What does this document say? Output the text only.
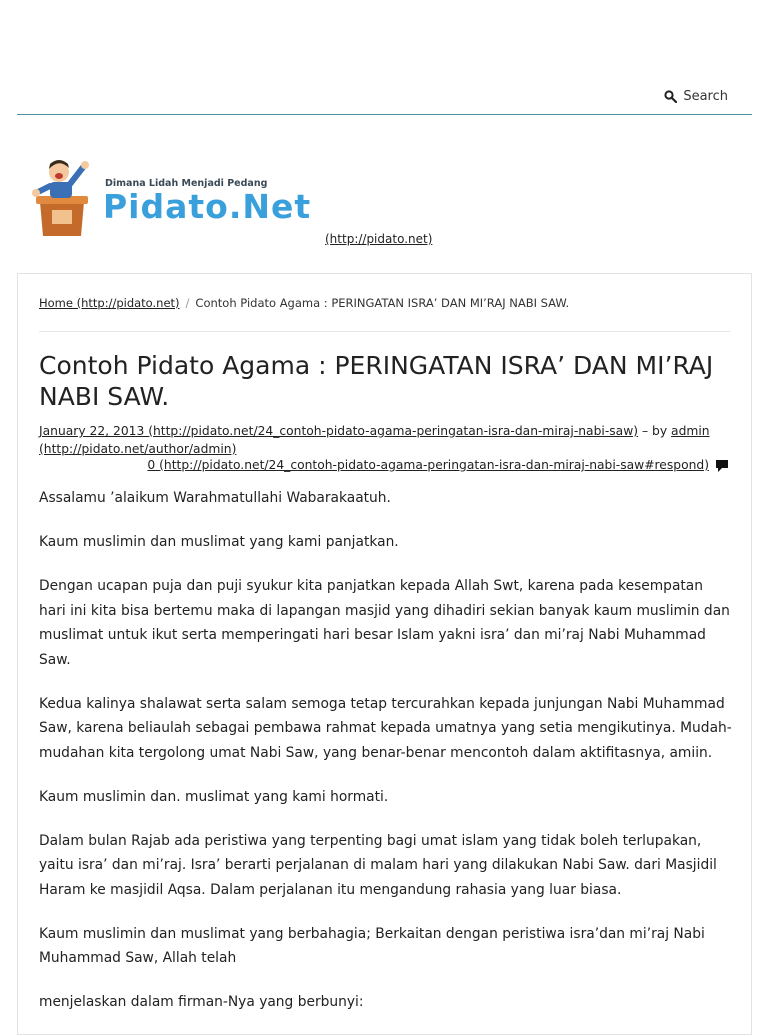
Search
Dimana Lidah Menjadi Pedang
Pidato.Net
(http://pidato.net)
Home (http://pidato.net) / Contoh Pidato Agama : PERINGATAN ISRA’ DAN MI’RAJ NABI SAW.
Contoh Pidato Agama : PERINGATAN ISRA’ DAN MI’RAJ NABI SAW.
January 22, 2013 (http://pidato.net/24_contoh-pidato-agama-peringatan-isra-dan-miraj-nabi-saw) – by admin (http://pidato.net/author/admin)
0 (http://pidato.net/24_contoh-pidato-agama-peringatan-isra-dan-miraj-nabi-saw#respond)

Assalamu ’alaikum Warahmatullahi Wabarakaatuh.

Kaum muslimin dan muslimat yang kami panjatkan.

Dengan ucapan puja dan puji syukur kita panjatkan kepada Allah Swt, karena pada kesempatan hari ini kita bisa bertemu maka di lapangan masjid yang dihadiri sekian banyak kaum muslimin dan muslimat untuk ikut serta memperingati hari besar Islam yakni isra’ dan mi’raj Nabi Muhammad Saw.

Kedua kalinya shalawat serta salam semoga tetap tercurahkan kepada junjungan Nabi Muhammad Saw, karena beliaulah sebagai pembawa rahmat kepada umatnya yang setia mengikutinya. Mudah-mudahan kita tergolong umat Nabi Saw, yang benar-benar mencontoh dalam aktifitasnya, amiin.

Kaum muslimin dan. muslimat yang kami hormati.

Dalam bulan Rajab ada peristiwa yang terpenting bagi umat islam yang tidak boleh terlupakan, yaitu isra’ dan mi’raj. Isra’ berarti perjalanan di malam hari yang dilakukan Nabi Saw. dari Masjidil Haram ke masjidil Aqsa. Dalam perjalanan itu mengandung rahasia yang luar biasa.

Kaum muslimin dan muslimat yang berbahagia; Berkaitan dengan peristiwa isra’dan mi’raj Nabi Muhammad Saw, Allah telah

menjelaskan dalam firman-Nya yang berbunyi:
